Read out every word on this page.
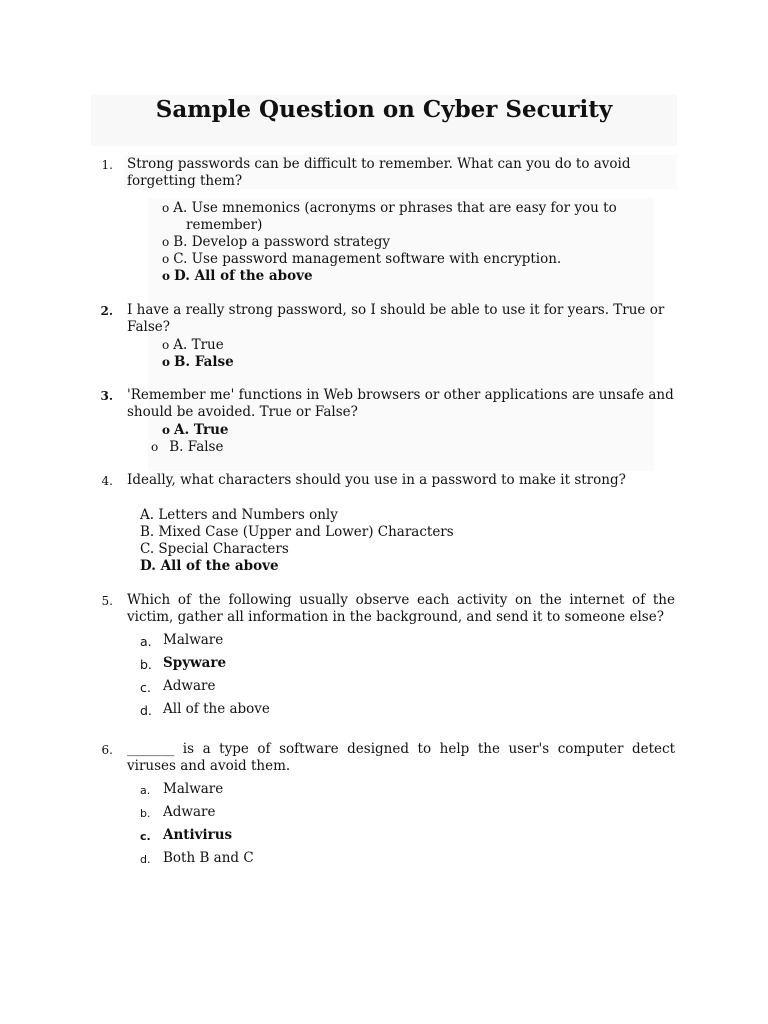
Sample Question on Cyber Security
1. Strong passwords can be difficult to remember. What can you do to avoid forgetting them?
o A. Use mnemonics (acronyms or phrases that are easy for you to
remember)
o B. Develop a password strategy
o C. Use password management software with encryption.
o D. All of the above
2. I have a really strong password, so I should be able to use it for years. True or False?
o A. True
o B. False
3. 'Remember me' functions in Web browsers or other applications are unsafe and should be avoided. True or False?
o A. True
o B. False
4. Ideally, what characters should you use in a password to make it strong?
A. Letters and Numbers only
B. Mixed Case (Upper and Lower) Characters
C. Special Characters
D. All of the above
5. Which of the following usually observe each activity on the internet of the victim, gather all information in the background, and send it to someone else?
a. Malware
b. Spyware
c. Adware
d. All of the above
6. _______ is a type of software designed to help the user's computer detect viruses and avoid them.
a. Malware
b. Adware
c. Antivirus
d. Both B and C
